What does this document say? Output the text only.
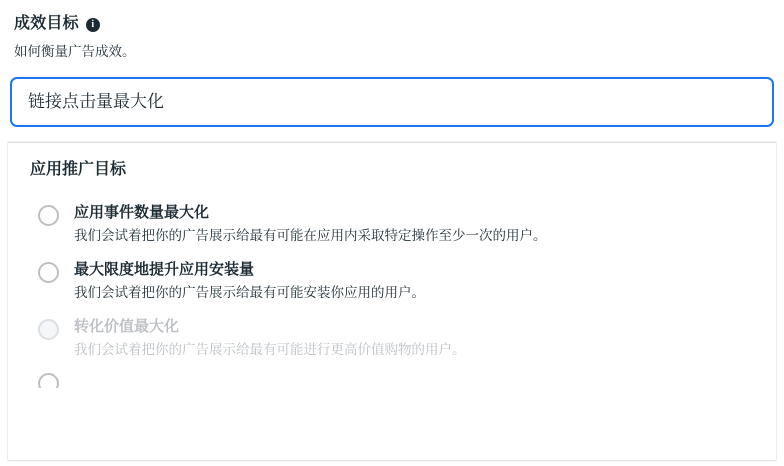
成效目标	i
如何衡量广告成效。
链接点击量最大化
应用推广目标
应用事件数量最大化
我们会试着把你的广告展示给最有可能在应用内采取特定操作至少一次的用户。
最大限度地提升应用安装量
我们会试着把你的广告展示给最有可能安装你应用的用户。
转化价值最大化
我们会试着把你的广告展示给最有可能进行更高价值购物的用户。
